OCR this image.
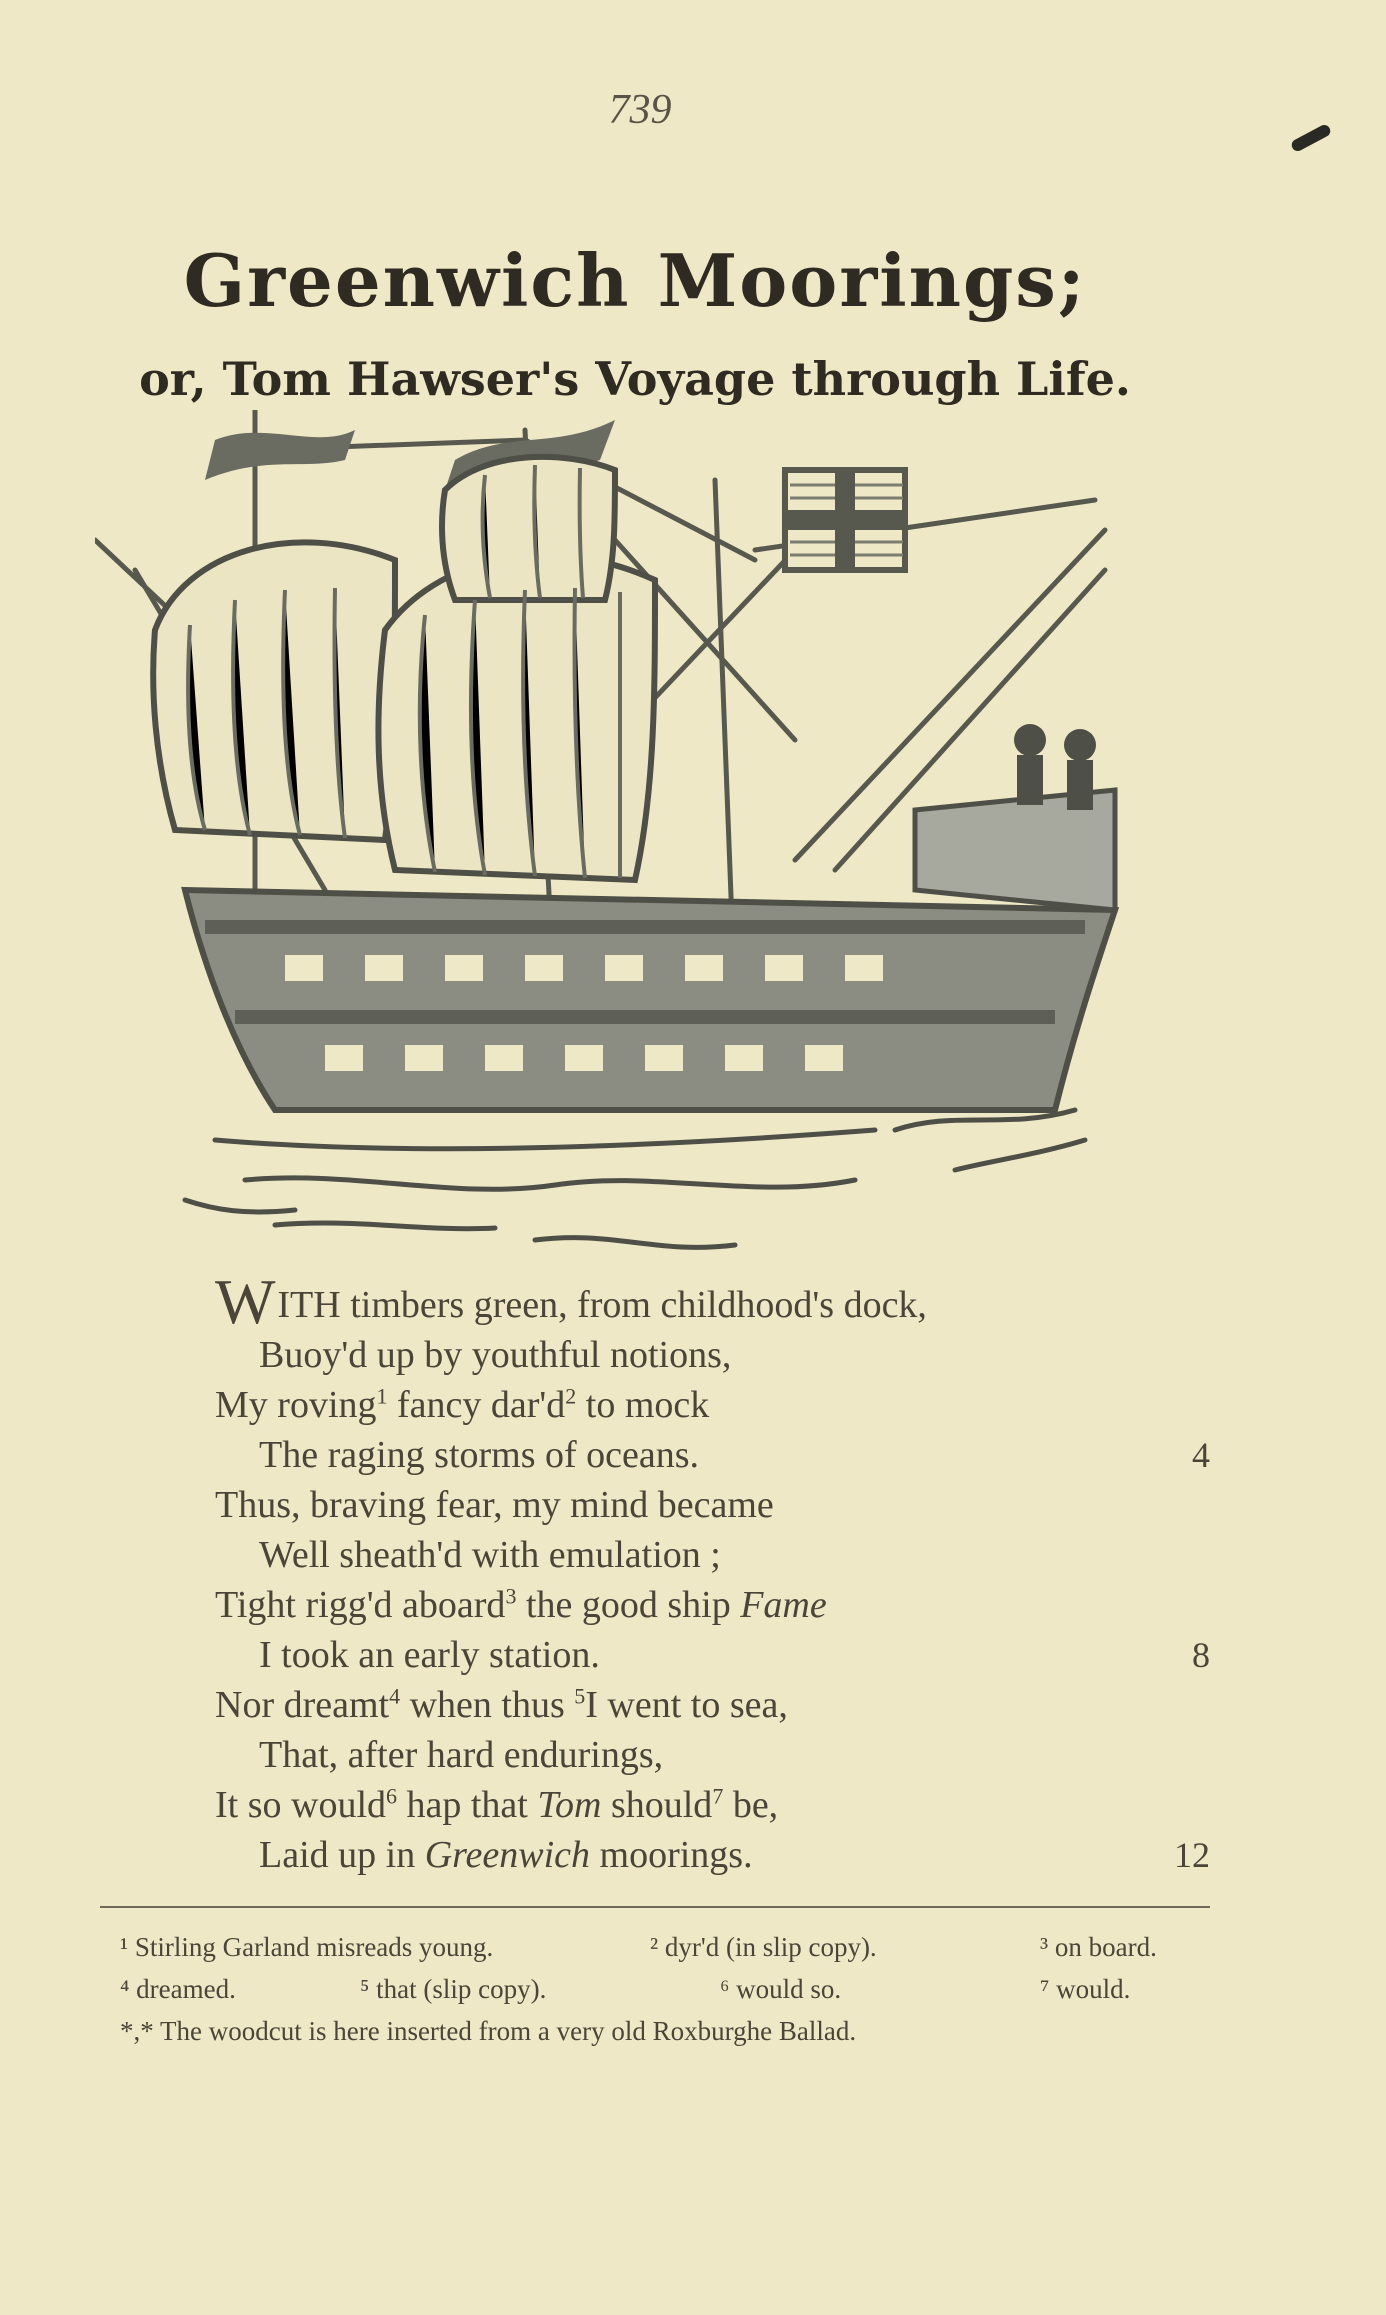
739
Greenwich Moorings;
or, Tom Hawser's Voyage through Life.
WITH timbers green, from childhood's dock,
Buoy'd up by youthful notions,
My roving$^1$ fancy $dar'd^2$ to mock
The raging storms of oceans.	4
Thus, braving fear, my mind became
Well sheath'd with emulation ;
Tight rigg'd aboard$^3$ the good ship Fame
I took an early station.	8
Nor dreamt$^4$ when thus $^5$I went to sea,
That, after hard endurings,
It so would$^6$ hap that Tom should$^7$ be,
Laid up in Greenwich moorings.	12
¹ Stirling Garland misreads young.	² dyr'd (in slip copy).	³ on board.
⁴ dreamed.	⁵ that (slip copy).	⁶ would so.	⁷ would.
*,* The woodcut is here inserted from a very old Roxburghe Ballad.
